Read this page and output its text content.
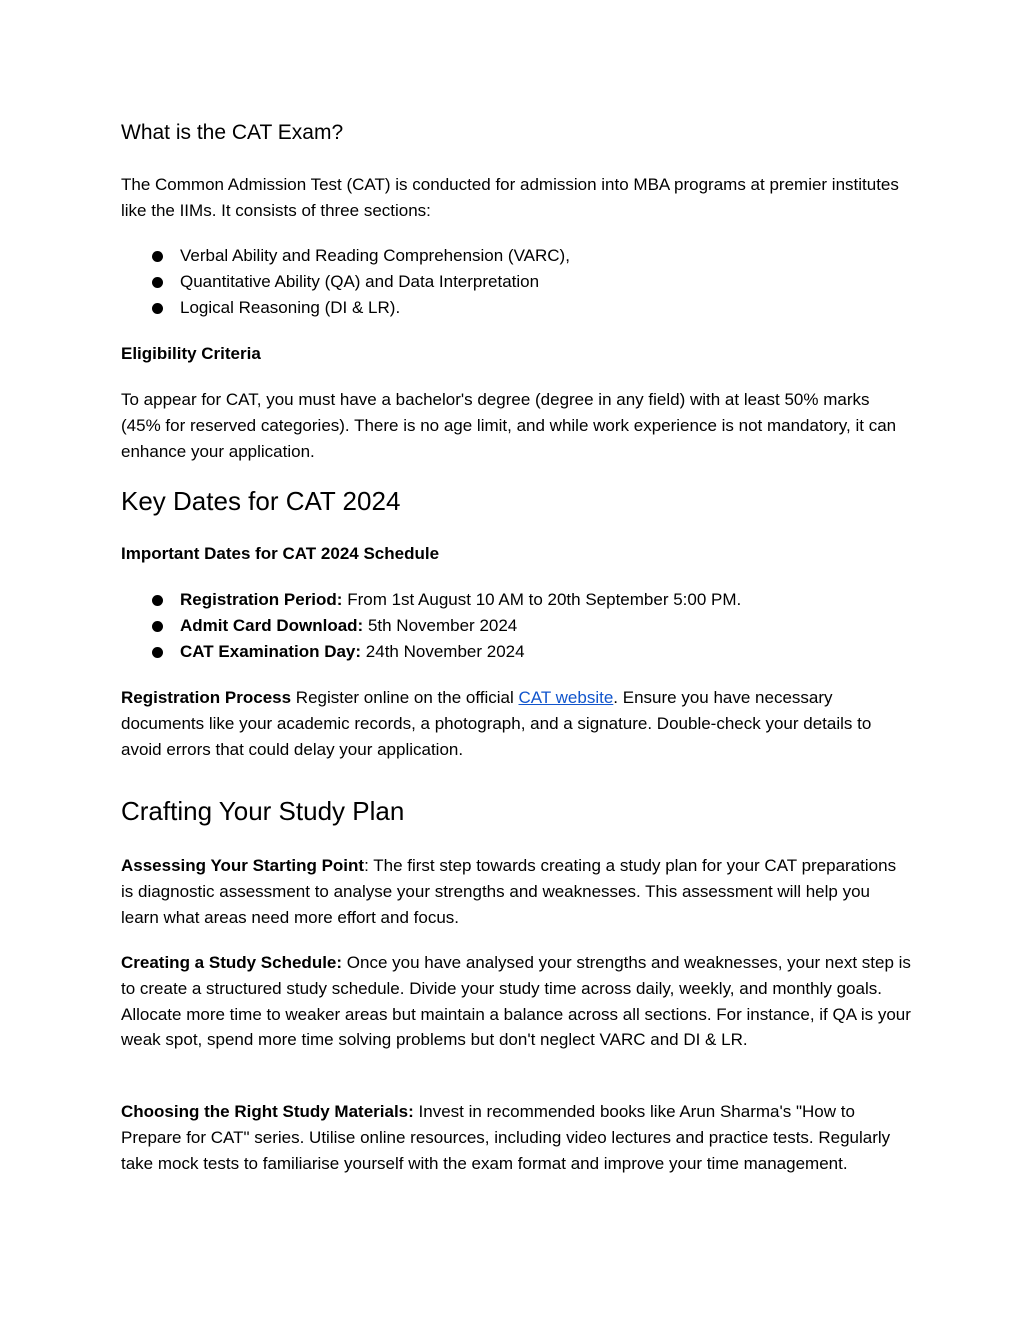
What is the CAT Exam?

The Common Admission Test (CAT) is conducted for admission into MBA programs at premier institutes like the IIMs. It consists of three sections:

Verbal Ability and Reading Comprehension (VARC),
Quantitative Ability (QA) and Data Interpretation
Logical Reasoning (DI & LR).

Eligibility Criteria

To appear for CAT, you must have a bachelor's degree (degree in any field) with at least 50% marks (45% for reserved categories). There is no age limit, and while work experience is not mandatory, it can enhance your application.

Key Dates for CAT 2024

Important Dates for CAT 2024 Schedule

Registration Period: From 1st August 10 AM to 20th September 5:00 PM.
Admit Card Download: 5th November 2024
CAT Examination Day: 24th November 2024

Registration Process Register online on the official CAT website. Ensure you have necessary documents like your academic records, a photograph, and a signature. Double-check your details to avoid errors that could delay your application.

Crafting Your Study Plan

Assessing Your Starting Point: The first step towards creating a study plan for your CAT preparations is diagnostic assessment to analyse your strengths and weaknesses. This assessment will help you learn what areas need more effort and focus.

Creating a Study Schedule: Once you have analysed your strengths and weaknesses, your next step is to create a structured study schedule. Divide your study time across daily, weekly, and monthly goals. Allocate more time to weaker areas but maintain a balance across all sections. For instance, if QA is your weak spot, spend more time solving problems but don't neglect VARC and DI & LR.

Choosing the Right Study Materials: Invest in recommended books like Arun Sharma's "How to Prepare for CAT" series. Utilise online resources, including video lectures and practice tests. Regularly take mock tests to familiarise yourself with the exam format and improve your time management.
